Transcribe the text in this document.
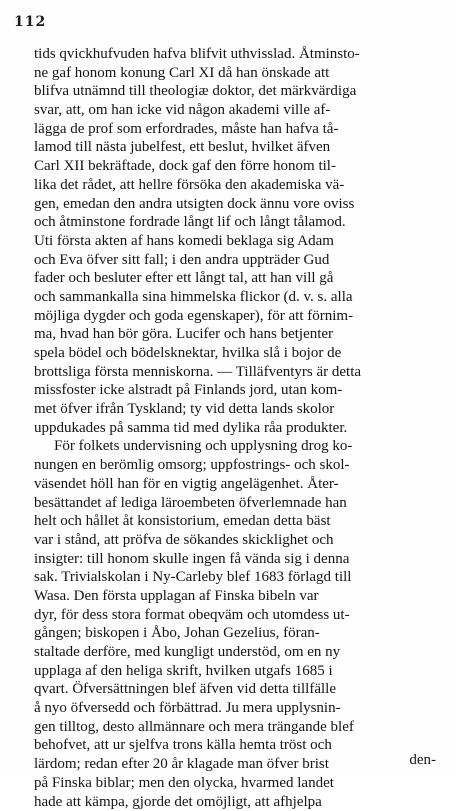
112
tids qvickhufvuden hafva blifvit uthvisslad. Åtminsto-
ne gaf honom konung Carl XI då han önskade att
blifva utnämnd till theologiæ doktor, det märkvärdiga
svar, att, om han icke vid någon akademi ville af-
lägga de prof som erfordrades, måste han hafva tå-
lamod till nästa jubelfest, ett beslut, hvilket äfven
Carl XII bekräftade, dock gaf den förre honom til-
lika det rådet, att hellre försöka den akademiska vä-
gen, emedan den andra utsigten dock ännu vore oviss
och åtminstone fordrade långt lif och långt tålamod.
Uti första akten af hans komedi beklaga sig Adam
och Eva öfver sitt fall; i den andra uppträder Gud
fader och besluter efter ett långt tal, att han vill gå
och sammankalla sina himmelska flickor (d. v. s. alla
möjliga dygder och goda egenskaper), för att förnim-
ma, hvad han bör göra. Lucifer och hans betjenter
spela bödel och bödelsknektar, hvilka slå i bojor de
brottsliga första menniskorna. — Tilläfventyrs är detta
missfoster icke alstradt på Finlands jord, utan kom-
met öfver ifrån Tyskland; ty vid detta lands skolor
uppdukades på samma tid med dylika råa produkter.
För folkets undervisning och upplysning drog ko-
nungen en berömlig omsorg; uppfostrings- och skol-
väsendet höll han för en vigtig angelägenhet. Åter-
besättandet af lediga läroembeten öfverlemnade han
helt och hållet åt konsistorium, emedan detta bäst
var i stånd, att pröfva de sökandes skicklighet och
insigter: till honom skulle ingen få vända sig i denna
sak. Trivialskolan i Ny-Carleby blef 1683 förlagd till
Wasa. Den första upplagan af Finska bibeln var
dyr, för dess stora format obeqväm och utomdess ut-
gången; biskopen i Åbo, Johan Gezelius, föran-
staltade derföre, med kungligt understöd, om en ny
upplaga af den heliga skrift, hvilken utgafs 1685 i
qvart. Öfversättningen blef äfven vid detta tillfälle
å nyo öfversedd och förbättrad. Ju mera upplysnin-
gen tilltog, desto allmännare och mera trängande blef
behofvet, att ur sjelfva trons källa hemta tröst och
lärdom; redan efter 20 år klagade man öfver brist
på Finska biblar; men den olycka, hvarmed landet
hade att kämpa, gjorde det omöjligt, att afhjelpa
den-
